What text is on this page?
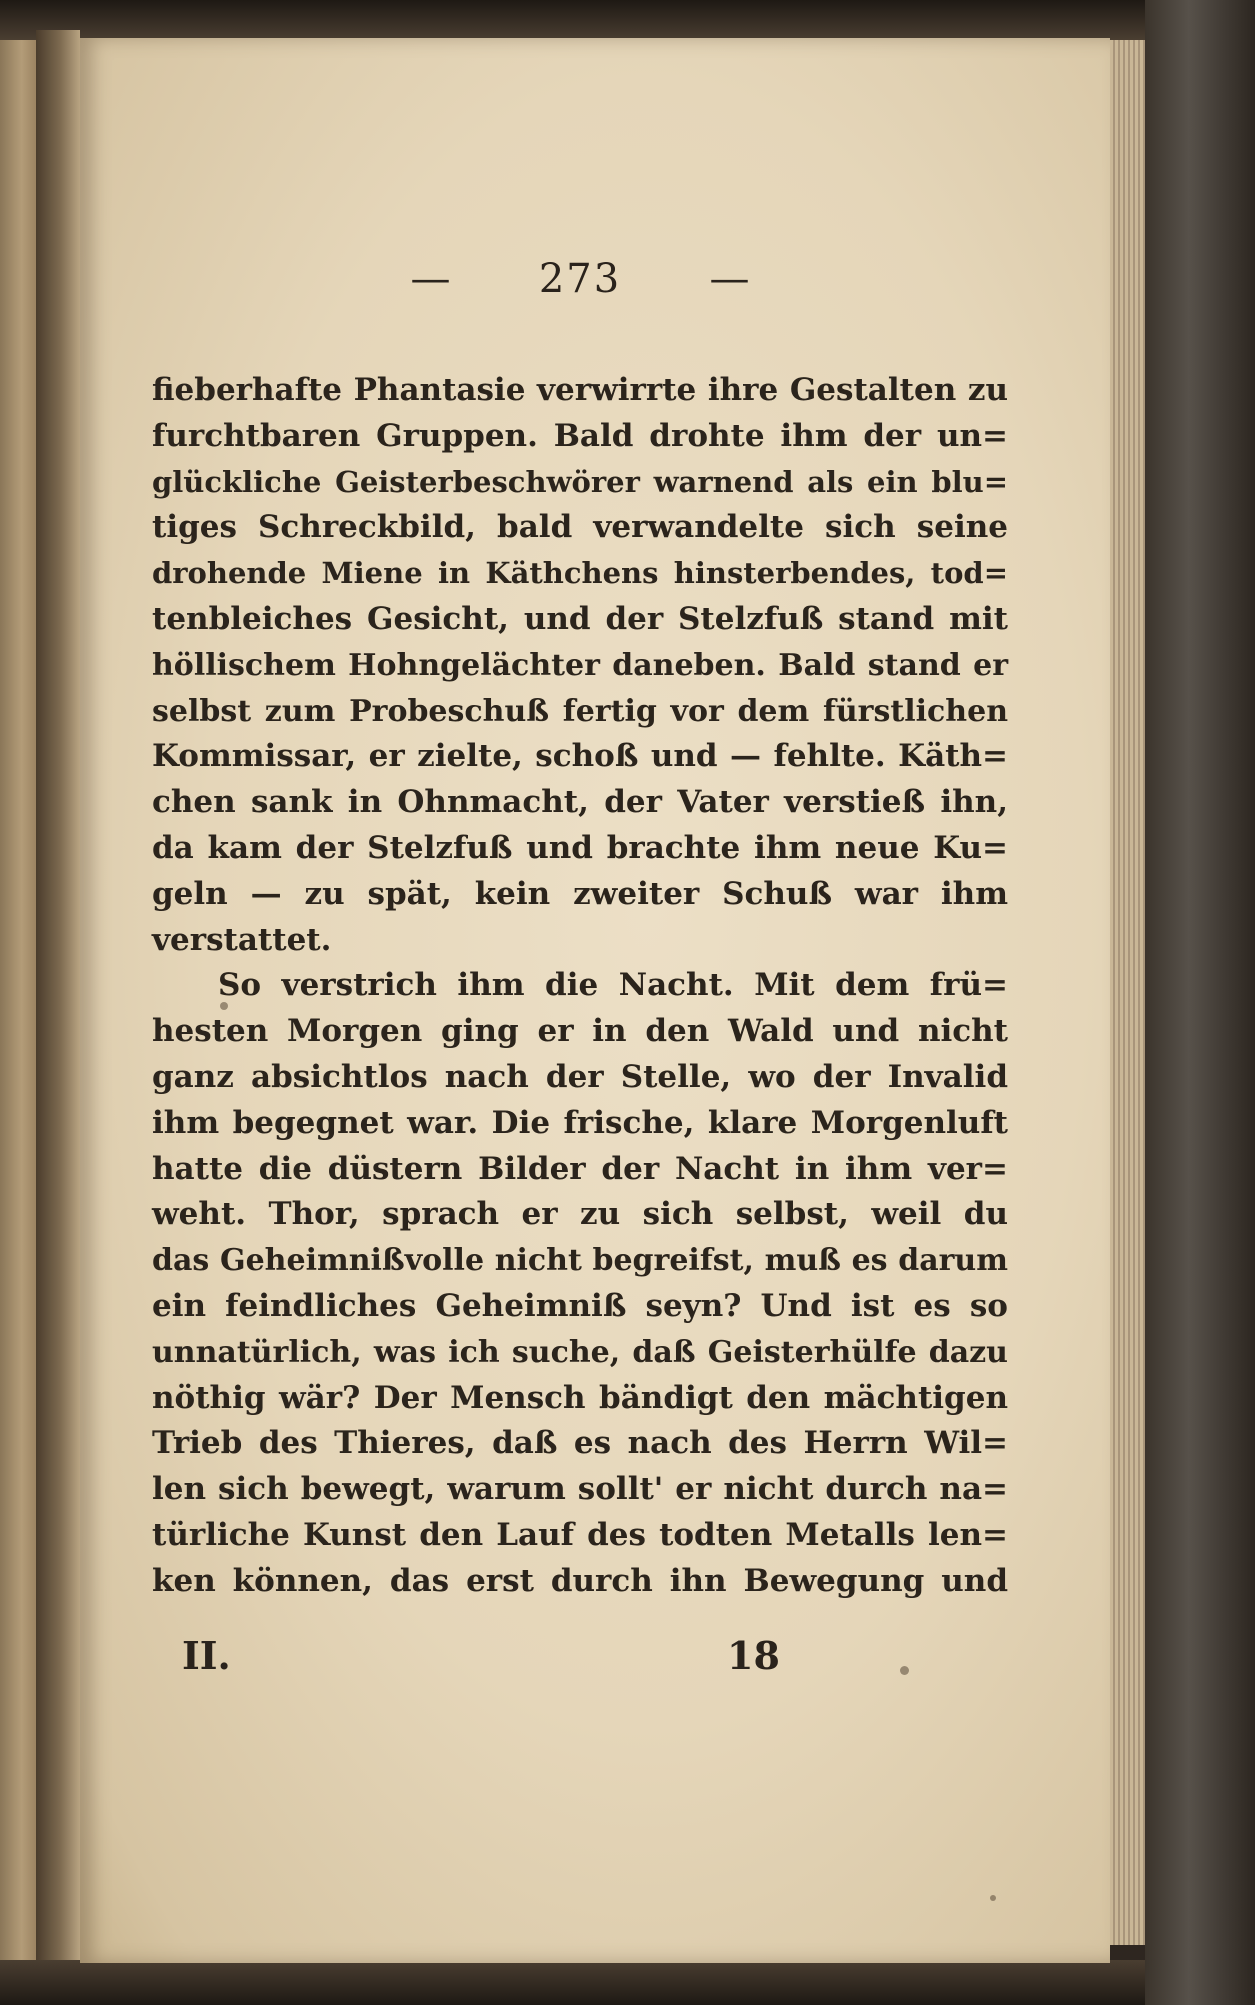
— 273 —
fieberhafte Phantasie verwirrte ihre Gestalten zu
furchtbaren Gruppen. Bald drohte ihm der un=
glückliche Geisterbeschwörer warnend als ein blu=
tiges Schreckbild, bald verwandelte sich seine
drohende Miene in Käthchens hinsterbendes, tod=
tenbleiches Gesicht, und der Stelzfuß stand mit
höllischem Hohngelächter daneben. Bald stand er
selbst zum Probeschuß fertig vor dem fürstlichen
Kommissar, er zielte, schoß und — fehlte. Käth=
chen sank in Ohnmacht, der Vater verstieß ihn,
da kam der Stelzfuß und brachte ihm neue Ku=
geln — zu spät, kein zweiter Schuß war ihm
verstattet.
So verstrich ihm die Nacht. Mit dem frü=
hesten Morgen ging er in den Wald und nicht
ganz absichtlos nach der Stelle, wo der Invalid
ihm begegnet war. Die frische, klare Morgenluft
hatte die düstern Bilder der Nacht in ihm ver=
weht. Thor, sprach er zu sich selbst, weil du
das Geheimnißvolle nicht begreifst, muß es darum
ein feindliches Geheimniß seyn? Und ist es so
unnatürlich, was ich suche, daß Geisterhülfe dazu
nöthig wär? Der Mensch bändigt den mächtigen
Trieb des Thieres, daß es nach des Herrn Wil=
len sich bewegt, warum sollt' er nicht durch na=
türliche Kunst den Lauf des todten Metalls len=
ken können, das erst durch ihn Bewegung und
II.	18
